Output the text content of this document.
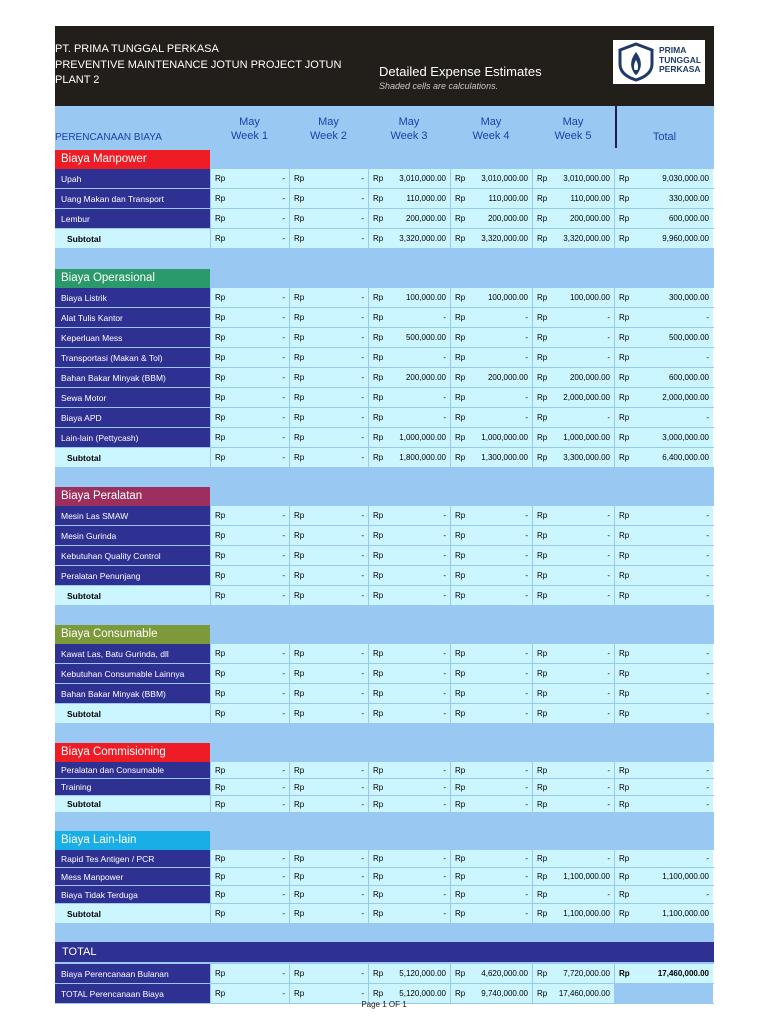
PT. PRIMA TUNGGAL PERKASA
PREVENTIVE MAINTENANCE JOTUN PROJECT JOTUN PLANT 2
Detailed Expense Estimates
Shaded cells are calculations.
PRIMA
TUNGGAL
PERKASA
PERENCANAAN BIAYA
May
Week 1
May
Week 2
May
Week 3
May
Week 4
May
Week 5	Total
Biaya Manpower
Upah	Rp	- Rp	- Rp 3,010,000.00 Rp 3,010,000.00 Rp 3,010,000.00 Rp	9,030,000.00
Uang Makan dan Transport	Rp	- Rp	- Rp	110,000.00 Rp	110,000.00 Rp	110,000.00 Rp	330,000.00
Lembur	Rp	- Rp	- Rp	200,000.00 Rp	200,000.00 Rp	200,000.00 Rp	600,000.00
Subtotal	Rp	- Rp	- Rp 3,320,000.00 Rp 3,320,000.00 Rp 3,320,000.00 Rp	9,960,000.00
Biaya Operasional
Biaya Listrik	Rp	- Rp	- Rp	100,000.00 Rp	100,000.00 Rp	100,000.00 Rp	300,000.00
Alat Tulis Kantor	Rp	- Rp	- Rp	- Rp	- Rp	- Rp	-
Keperluan Mess	Rp	- Rp	- Rp	500,000.00 Rp	- Rp	- Rp	500,000.00
Transportasi (Makan & Tol)	Rp	- Rp	- Rp	- Rp	- Rp	- Rp	-
Bahan Bakar Minyak (BBM)	Rp	- Rp	- Rp	200,000.00 Rp	200,000.00 Rp	200,000.00 Rp	600,000.00
Sewa Motor	Rp	- Rp	- Rp	- Rp	- Rp 2,000,000.00 Rp	2,000,000.00
Biaya APD	Rp	- Rp	- Rp	- Rp	- Rp	- Rp	-
Lain-lain (Pettycash)	Rp	- Rp	- Rp 1,000,000.00 Rp 1,000,000.00 Rp 1,000,000.00 Rp	3,000,000.00
Subtotal	Rp	- Rp	- Rp 1,800,000.00 Rp 1,300,000.00 Rp 3,300,000.00 Rp	6,400,000.00
Biaya Peralatan
Mesin Las SMAW	Rp	- Rp	- Rp	- Rp	- Rp	- Rp	-
Mesin Gurinda	Rp	- Rp	- Rp	- Rp	- Rp	- Rp	-
Kebutuhan Quality Control	Rp	- Rp	- Rp	- Rp	- Rp	- Rp	-
Peralatan Penunjang	Rp	- Rp	- Rp	- Rp	- Rp	- Rp	-
Subtotal	Rp	- Rp	- Rp	- Rp	- Rp	- Rp	-
Biaya Consumable
Kawat Las, Batu Gurinda, dll	Rp	- Rp	- Rp	- Rp	- Rp	- Rp	-
Kebutuhan Consumable Lainnya	Rp	- Rp	- Rp	- Rp	- Rp	- Rp	-
Bahan Bakar Minyak (BBM)	Rp	- Rp	- Rp	- Rp	- Rp	- Rp	-
Subtotal	Rp	- Rp	- Rp	- Rp	- Rp	- Rp	-
Biaya Commisioning
Peralatan dan Consumable	Rp	- Rp	- Rp	- Rp	- Rp	- Rp	-
Training	Rp	- Rp	- Rp	- Rp	- Rp	- Rp	-
Subtotal	Rp	- Rp	- Rp	- Rp	- Rp	- Rp	-
Biaya Lain-lain
Rapid Tes Antigen / PCR	Rp	- Rp	- Rp	- Rp	- Rp	- Rp	-
Mess Manpower	Rp	- Rp	- Rp	- Rp	- Rp 1,100,000.00 Rp	1,100,000.00
Biaya Tidak Terduga	Rp	- Rp	- Rp	- Rp	- Rp	- Rp	-
Subtotal	Rp	- Rp	- Rp	- Rp	- Rp 1,100,000.00 Rp	1,100,000.00
TOTAL
Biaya Perencanaan Bulanan	Rp	- Rp	- Rp 5,120,000.00 Rp 4,620,000.00 Rp 7,720,000.00 Rp	17,460,000.00
TOTAL Perencanaan Biaya	Rp	- Rp	- Rp 5,120,000.00 Rp 9,740,000.00 Rp 17,460,000.00
Page 1 OF 1
